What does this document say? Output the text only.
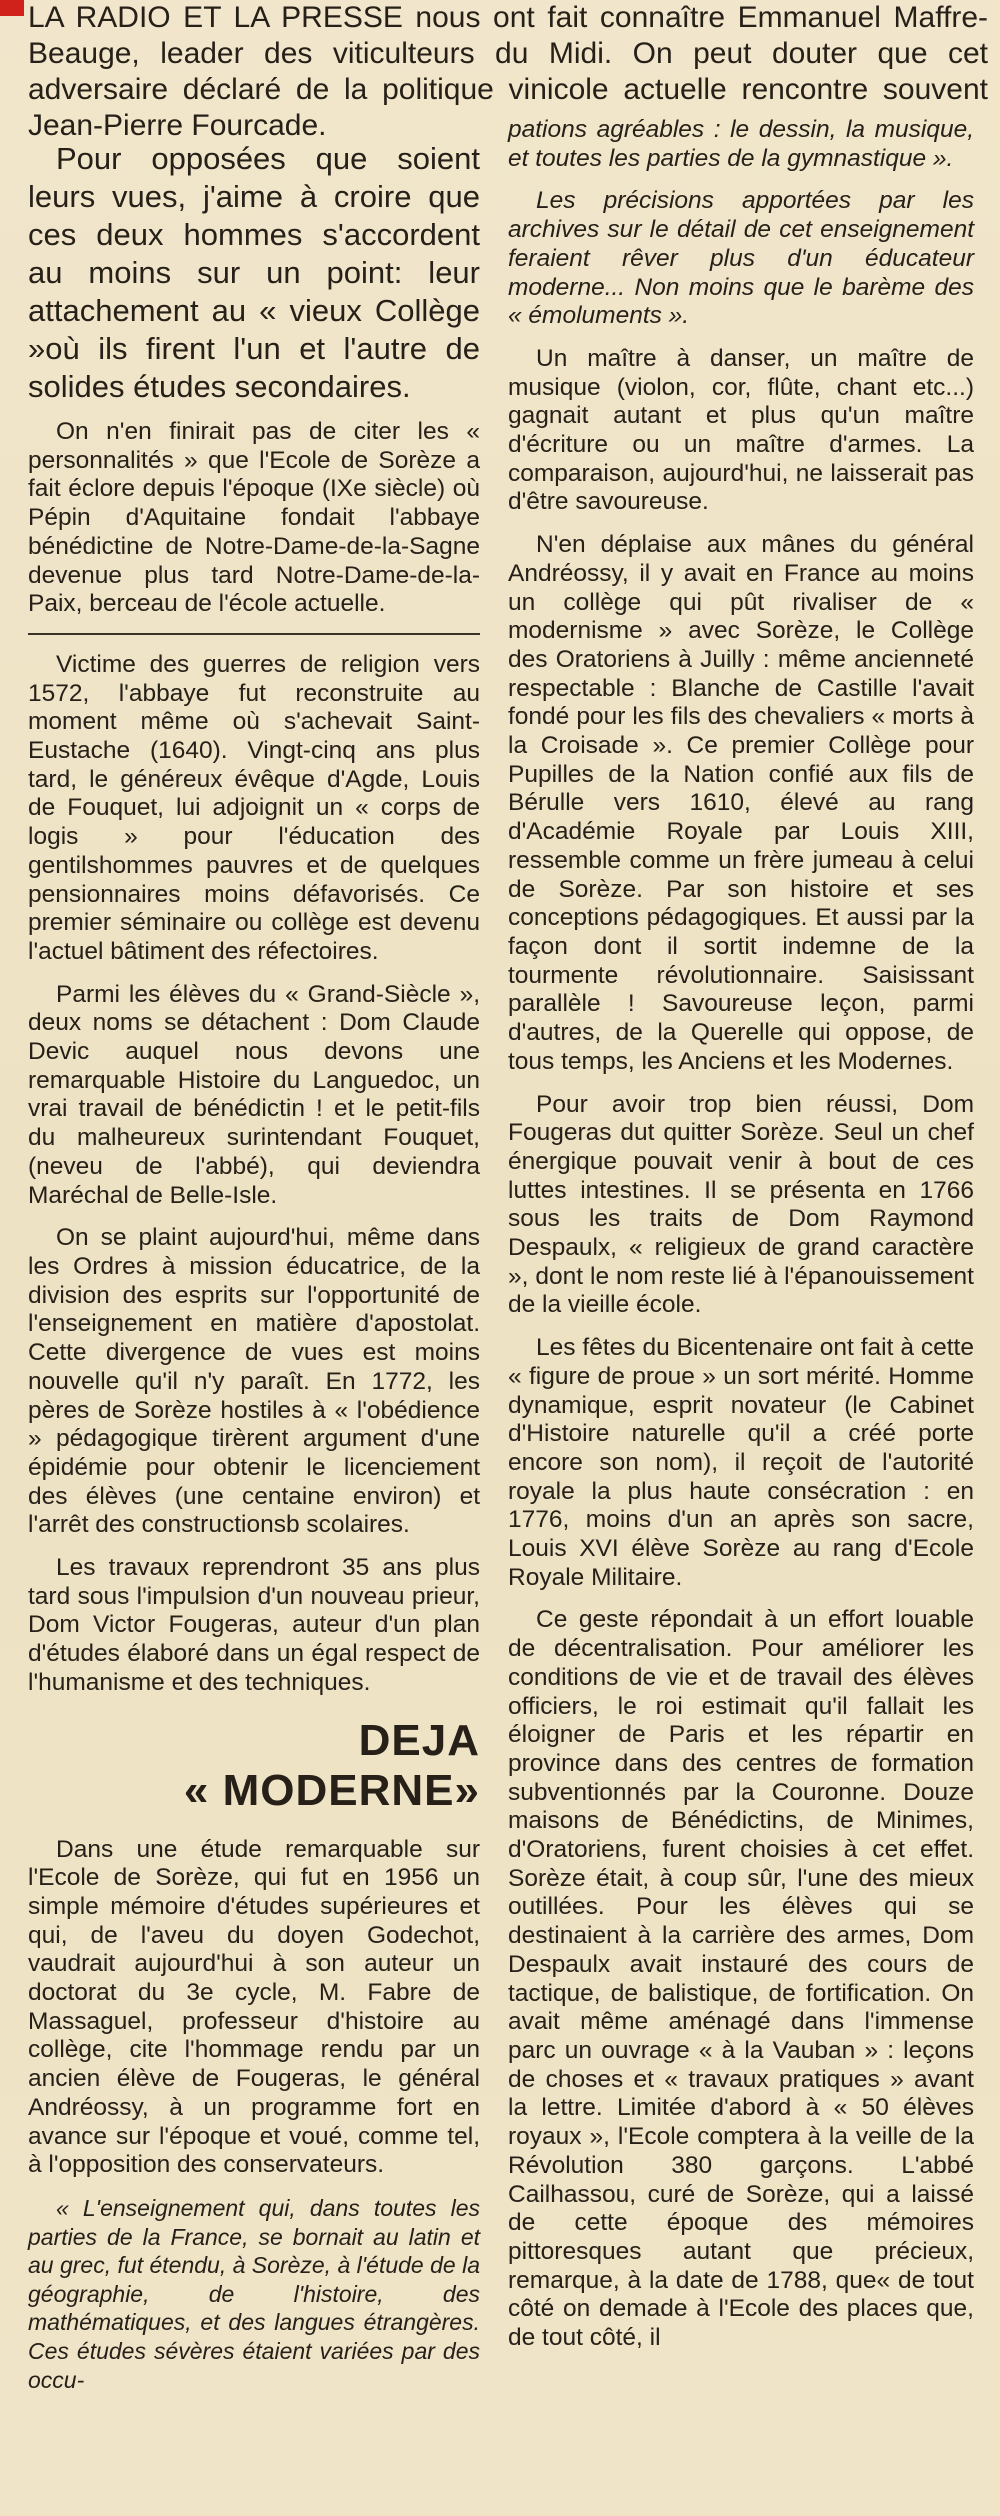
LA RADIO ET LA PRESSE nous ont fait connaître Emmanuel Maffre-Beauge, leader des viticulteurs du Midi. On peut douter que cet adversaire déclaré de la politique vinicole actuelle rencontre souvent Jean-Pierre Fourcade.

Pour opposées que soient leurs vues, j'aime à croire que ces deux hommes s'accordent au moins sur un point: leur attachement au « vieux Collège »où ils firent l'un et l'autre de solides études secondaires.

On n'en finirait pas de citer les « personnalités » que l'Ecole de Sorèze a fait éclore depuis l'époque (IXe siècle) où Pépin d'Aquitaine fondait l'abbaye bénédictine de Notre-Dame-de-la-Sagne devenue plus tard Notre-Dame-de-la-Paix, berceau de l'école actuelle.

Victime des guerres de religion vers 1572, l'abbaye fut reconstruite au moment même où s'achevait Saint-Eustache (1640). Vingt-cinq ans plus tard, le généreux évêque d'Agde, Louis de Fouquet, lui adjoignit un « corps de logis » pour l'éducation des gentilshommes pauvres et de quelques pensionnaires moins défavorisés. Ce premier séminaire ou collège est devenu l'actuel bâtiment des réfectoires.

Parmi les élèves du « Grand-Siècle », deux noms se détachent : Dom Claude Devic auquel nous devons une remarquable Histoire du Languedoc, un vrai travail de bénédictin ! et le petit-fils du malheureux surintendant Fouquet, (neveu de l'abbé), qui deviendra Maréchal de Belle-Isle.

On se plaint aujourd'hui, même dans les Ordres à mission éducatrice, de la division des esprits sur l'opportunité de l'enseignement en matière d'apostolat. Cette divergence de vues est moins nouvelle qu'il n'y paraît. En 1772, les pères de Sorèze hostiles à « l'obédience » pédagogique tirèrent argument d'une épidémie pour obtenir le licenciement des élèves (une centaine environ) et l'arrêt des constructionsb scolaires.

Les travaux reprendront 35 ans plus tard sous l'impulsion d'un nouveau prieur, Dom Victor Fougeras, auteur d'un plan d'études élaboré dans un égal respect de l'humanisme et des techniques.

DEJA
« MODERNE»

Dans une étude remarquable sur l'Ecole de Sorèze, qui fut en 1956 un simple mémoire d'études supérieures et qui, de l'aveu du doyen Godechot, vaudrait aujourd'hui à son auteur un doctorat du 3e cycle, M. Fabre de Massaguel, professeur d'histoire au collège, cite l'hommage rendu par un ancien élève de Fougeras, le général Andréossy, à un programme fort en avance sur l'époque et voué, comme tel, à l'opposition des conservateurs.

« L'enseignement qui, dans toutes les parties de la France, se bornait au latin et au grec, fut étendu, à Sorèze, à l'étude de la géographie, de l'histoire, des mathématiques, et des langues étrangères. Ces études sévères étaient variées par des occu-

pations agréables : le dessin, la musique, et toutes les parties de la gymnastique ».

Les précisions apportées par les archives sur le détail de cet enseignement feraient rêver plus d'un éducateur moderne... Non moins que le barème des « émoluments ».

Un maître à danser, un maître de musique (violon, cor, flûte, chant etc...) gagnait autant et plus qu'un maître d'écriture ou un maître d'armes. La comparaison, aujourd'hui, ne laisserait pas d'être savoureuse.

N'en déplaise aux mânes du général Andréossy, il y avait en France au moins un collège qui pût rivaliser de « modernisme » avec Sorèze, le Collège des Oratoriens à Juilly : même ancienneté respectable : Blanche de Castille l'avait fondé pour les fils des chevaliers « morts à la Croisade ». Ce premier Collège pour Pupilles de la Nation confié aux fils de Bérulle vers 1610, élevé au rang d'Académie Royale par Louis XIII, ressemble comme un frère jumeau à celui de Sorèze. Par son histoire et ses conceptions pédagogiques. Et aussi par la façon dont il sortit indemne de la tourmente révolutionnaire. Saisissant parallèle ! Savoureuse leçon, parmi d'autres, de la Querelle qui oppose, de tous temps, les Anciens et les Modernes.

Pour avoir trop bien réussi, Dom Fougeras dut quitter Sorèze. Seul un chef énergique pouvait venir à bout de ces luttes intestines. Il se présenta en 1766 sous les traits de Dom Raymond Despaulx, « religieux de grand caractère », dont le nom reste lié à l'épanouissement de la vieille école.

Les fêtes du Bicentenaire ont fait à cette « figure de proue » un sort mérité. Homme dynamique, esprit novateur (le Cabinet d'Histoire naturelle qu'il a créé porte encore son nom), il reçoit de l'autorité royale la plus haute consécration : en 1776, moins d'un an après son sacre, Louis XVI élève Sorèze au rang d'Ecole Royale Militaire.

Ce geste répondait à un effort louable de décentralisation. Pour améliorer les conditions de vie et de travail des élèves officiers, le roi estimait qu'il fallait les éloigner de Paris et les répartir en province dans des centres de formation subventionnés par la Couronne. Douze maisons de Bénédictins, de Minimes, d'Oratoriens, furent choisies à cet effet. Sorèze était, à coup sûr, l'une des mieux outillées. Pour les élèves qui se destinaient à la carrière des armes, Dom Despaulx avait instauré des cours de tactique, de balistique, de fortification. On avait même aménagé dans l'immense parc un ouvrage « à la Vauban » : leçons de choses et « travaux pratiques » avant la lettre. Limitée d'abord à « 50 élèves royaux », l'Ecole comptera à la veille de la Révolution 380 garçons. L'abbé Cailhassou, curé de Sorèze, qui a laissé de cette époque des mémoires pittoresques autant que précieux, remarque, à la date de 1788, que« de tout côté on demade à l'Ecole des places que, de tout côté, il
